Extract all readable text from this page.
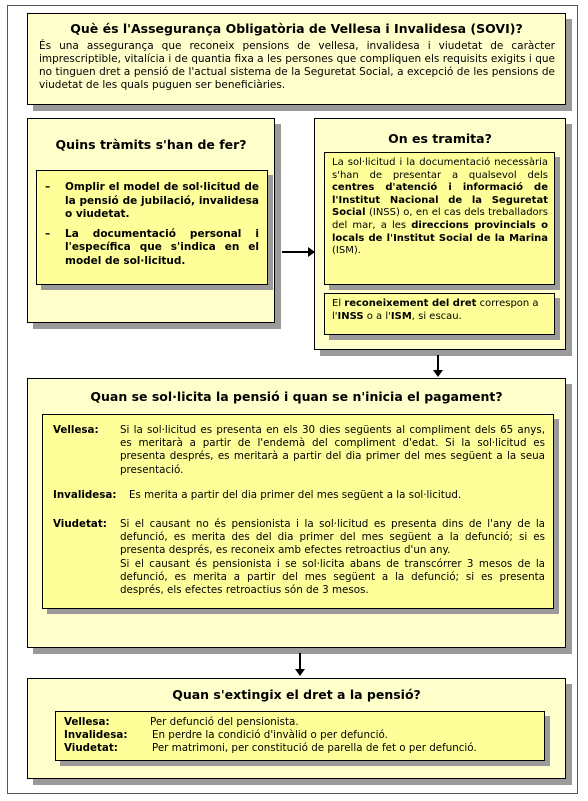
Què és l'Assegurança Obligatòria de Vellesa i Invalidesa (SOVI)?
És una assegurança que reconeix pensions de vellesa, invalidesa i viudetat de caràcter imprescriptible, vitalícia i de quantia fixa a les persones que compliquen els requisits exigits i que no tinguen dret a pensió de l'actual sistema de la Seguretat Social, a excepció de les pensions de viudetat de les quals puguen ser beneficiàries.
Quins tràmits s'han de fer?
– Omplir el model de sol·licitud de la pensió de jubilació, invalidesa o viudetat.
– La documentació personal i l'específica que s'indica en el model de sol·licitud.
On es tramita?
La sol·licitud i la documentació necessària s'han de presentar a qualsevol dels centres d'atenció i informació de l'Institut Nacional de la Seguretat Social (INSS) o, en el cas dels treballadors del mar, a les direccions provincials o locals de l'Institut Social de la Marina (ISM).
El reconeixement del dret correspon a l'INSS o a l'ISM, si escau.
Quan se sol·licita la pensió i quan se n'inicia el pagament?
Vellesa: Si la sol·licitud es presenta en els 30 dies següents al compliment dels 65 anys, es meritarà a partir de l'endemà del compliment d'edat. Si la sol·licitud es presenta després, es meritarà a partir del dia primer del mes següent a la seua presentació.
Invalidesa: Es merita a partir del dia primer del mes següent a la sol·licitud.
Viudetat: Si el causant no és pensionista i la sol·licitud es presenta dins de l'any de la defunció, es merita des del dia primer del mes següent a la defunció; si es presenta després, es reconeix amb efectes retroactius d'un any.
Si el causant és pensionista i se sol·licita abans de transcórrer 3 mesos de la defunció, es merita a partir del mes següent a la defunció; si es presenta després, els efectes retroactius són de 3 mesos.
Quan s'extingix el dret a la pensió?
Vellesa:	Per defunció del pensionista.
Invalidesa: En perdre la condició d'invàlid o per defunció.
Viudetat:	Per matrimoni, per constitució de parella de fet o per defunció.
